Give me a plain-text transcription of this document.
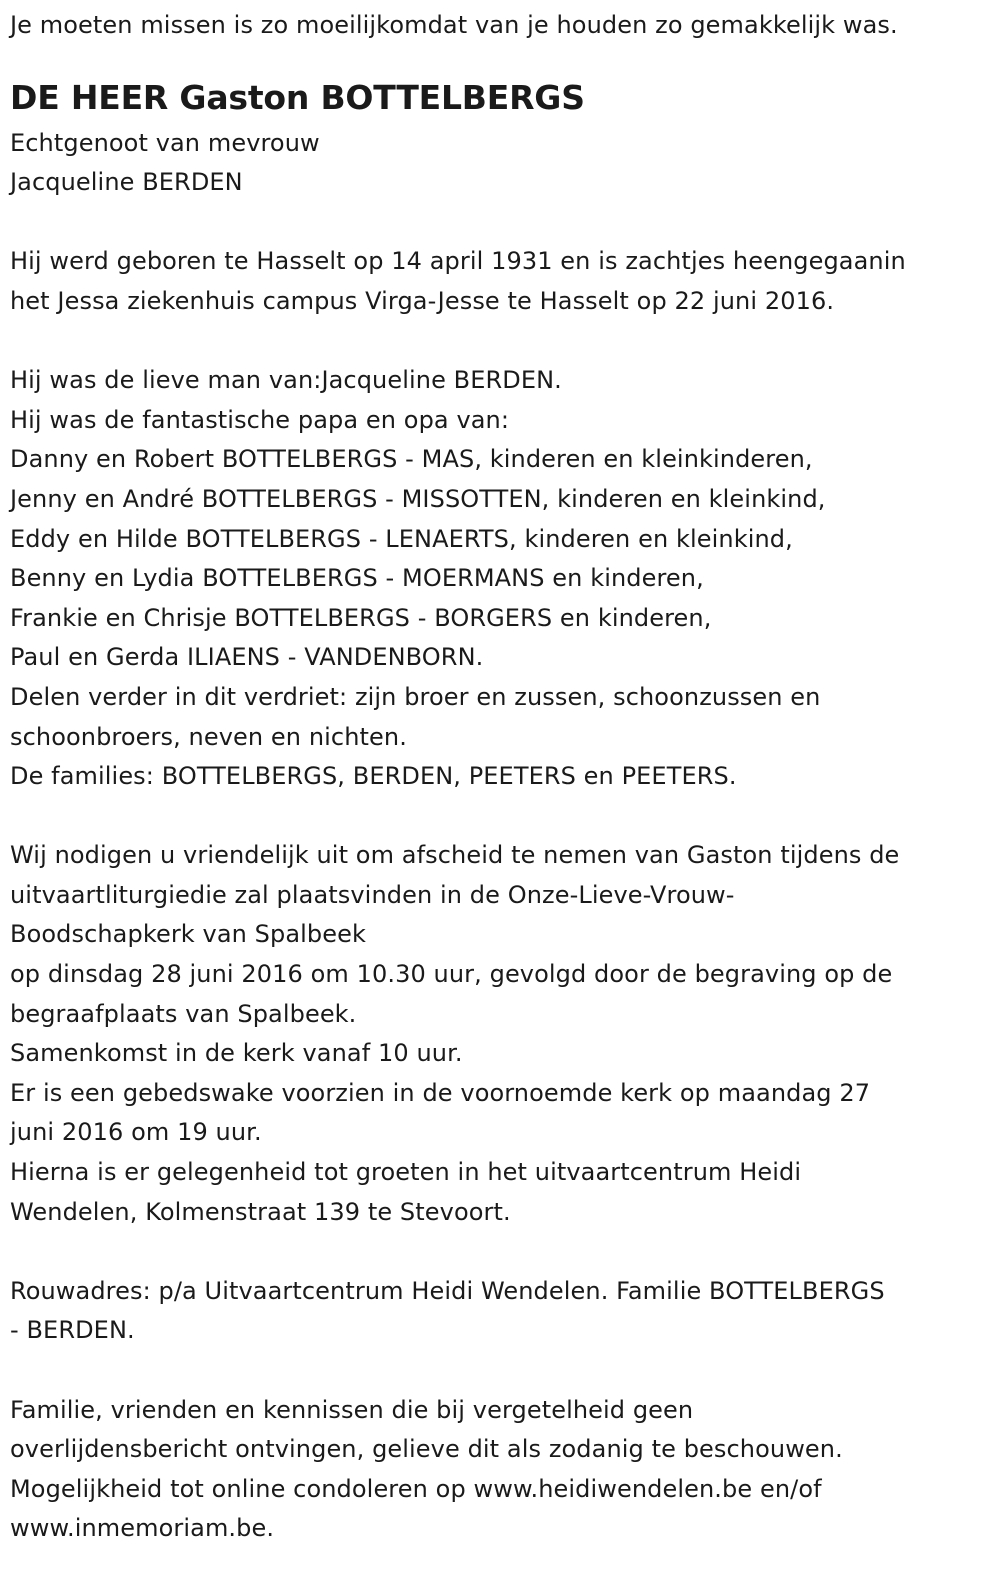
Je moeten missen is zo moeilijkomdat van je houden zo gemakkelijk was.
DE HEER Gaston BOTTELBERGS
Echtgenoot van mevrouw
Jacqueline BERDEN
Hij werd geboren te Hasselt op 14 april 1931 en is zachtjes heengegaanin
het Jessa ziekenhuis campus Virga-Jesse te Hasselt op 22 juni 2016.
Hij was de lieve man van:Jacqueline BERDEN.
Hij was de fantastische papa en opa van:
Danny en Robert BOTTELBERGS - MAS, kinderen en kleinkinderen,
Jenny en André BOTTELBERGS - MISSOTTEN, kinderen en kleinkind,
Eddy en Hilde BOTTELBERGS - LENAERTS, kinderen en kleinkind,
Benny en Lydia BOTTELBERGS - MOERMANS en kinderen,
Frankie en Chrisje BOTTELBERGS - BORGERS en kinderen,
Paul en Gerda ILIAENS - VANDENBORN.
Delen verder in dit verdriet: zijn broer en zussen, schoonzussen en
schoonbroers, neven en nichten.
De families: BOTTELBERGS, BERDEN, PEETERS en PEETERS.
Wij nodigen u vriendelijk uit om afscheid te nemen van Gaston tijdens de
uitvaartliturgiedie zal plaatsvinden in de Onze-Lieve-Vrouw-
Boodschapkerk van Spalbeek
op dinsdag 28 juni 2016 om 10.30 uur, gevolgd door de begraving op de
begraafplaats van Spalbeek.
Samenkomst in de kerk vanaf 10 uur.
Er is een gebedswake voorzien in de voornoemde kerk op maandag 27
juni 2016 om 19 uur.
Hierna is er gelegenheid tot groeten in het uitvaartcentrum Heidi
Wendelen, Kolmenstraat 139 te Stevoort.
Rouwadres: p/a Uitvaartcentrum Heidi Wendelen. Familie BOTTELBERGS
- BERDEN.
Familie, vrienden en kennissen die bij vergetelheid geen
overlijdensbericht ontvingen, gelieve dit als zodanig te beschouwen.
Mogelijkheid tot online condoleren op www.heidiwendelen.be en/of
www.inmemoriam.be.
